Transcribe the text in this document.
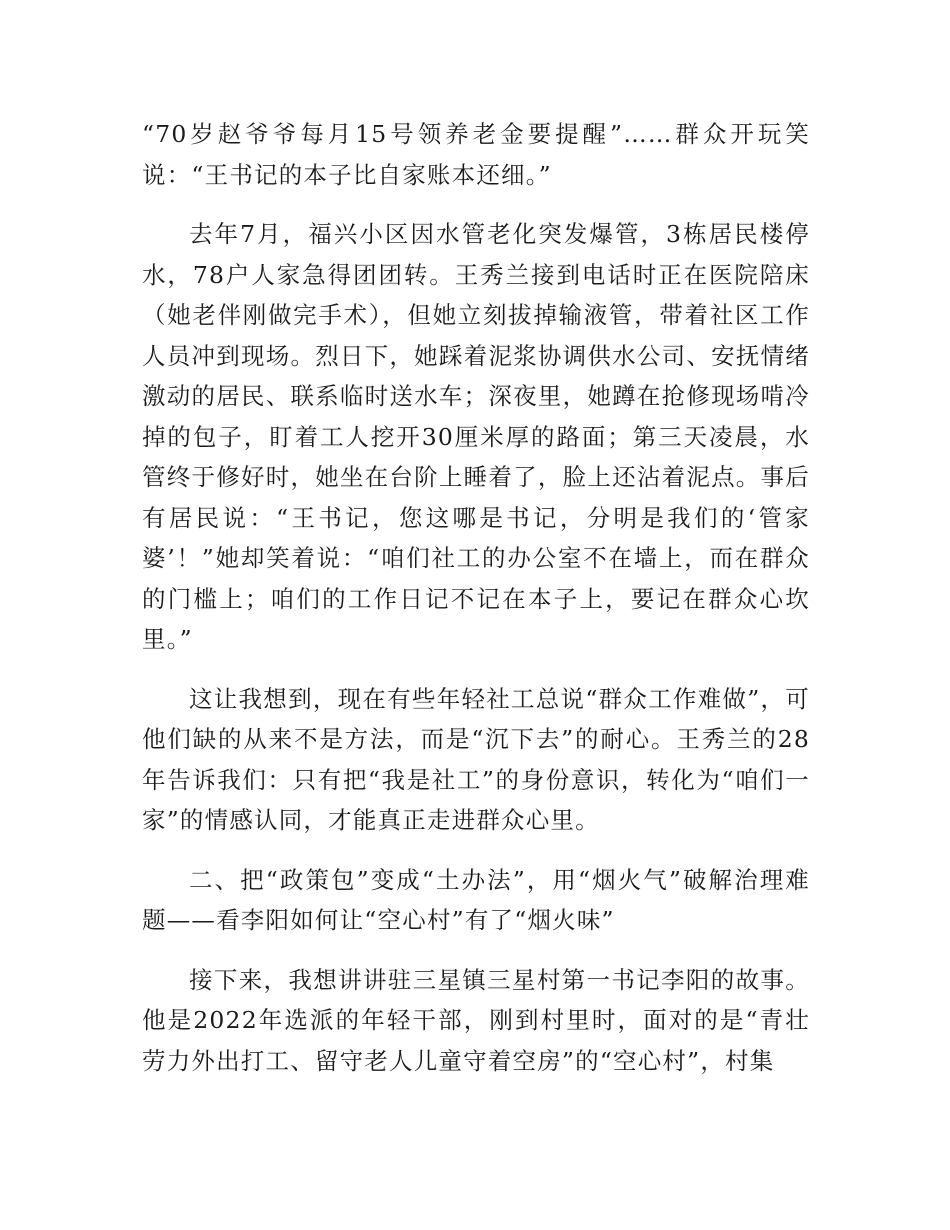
“70岁赵爷爷每月15号领养老金要提醒”……群众开玩笑说：“王书记的本子比自家账本还细。”

去年7月，福兴小区因水管老化突发爆管，3栋居民楼停水，78户人家急得团团转。王秀兰接到电话时正在医院陪床（她老伴刚做完手术），但她立刻拔掉输液管，带着社区工作人员冲到现场。烈日下，她踩着泥浆协调供水公司、安抚情绪激动的居民、联系临时送水车；深夜里，她蹲在抢修现场啃冷掉的包子，盯着工人挖开30厘米厚的路面；第三天凌晨，水管终于修好时，她坐在台阶上睡着了，脸上还沾着泥点。事后有居民说：“王书记，您这哪是书记，分明是我们的‘管家婆’！”她却笑着说：“咱们社工的办公室不在墙上，而在群众的门槛上；咱们的工作日记不记在本子上，要记在群众心坎里。”

这让我想到，现在有些年轻社工总说“群众工作难做”，可他们缺的从来不是方法，而是“沉下去”的耐心。王秀兰的28年告诉我们：只有把“我是社工”的身份意识，转化为“咱们一家”的情感认同，才能真正走进群众心里。

二、把“政策包”变成“土办法”，用“烟火气”破解治理难题——看李阳如何让“空心村”有了“烟火味”

接下来，我想讲讲驻三星镇三星村第一书记李阳的故事。他是2022年选派的年轻干部，刚到村里时，面对的是“青壮劳力外出打工、留守老人儿童守着空房”的“空心村”，村集
